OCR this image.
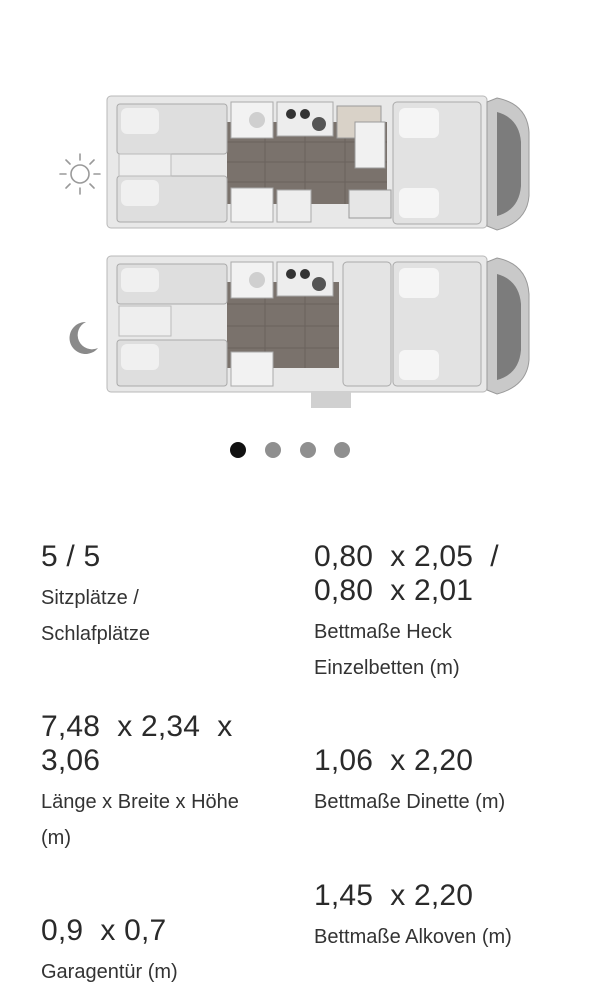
5 / 5
Sitzplätze /
Schlafplätze
0,80  x 2,05  /
0,80  x 2,01
Bettmaße Heck
Einzelbetten (m)
7,48  x 2,34  x
3,06
Länge x Breite x Höhe
(m)
1,06  x 2,20
Bettmaße Dinette (m)
1,45  x 2,20
Bettmaße Alkoven (m)
0,9  x 0,7
Garagentür (m)
